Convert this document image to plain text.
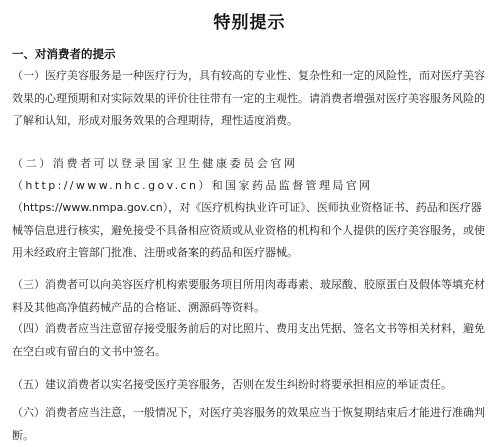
特别提示
一、对消费者的提示

（一）医疗美容服务是一种医疗行为，具有较高的专业性、复杂性和一定的风险性，而对医疗美容效果的心理预期和对实际效果的评价往往带有一定的主观性。请消费者增强对医疗美容服务风险的了解和认知，形成对服务效果的合理期待，理性适度消费。

（二）消费者可以登录国家卫生健康委员会官网

（http://www.nhc.gov.cn）和国家药品监督管理局官网

（https://www.nmpa.gov.cn），对《医疗机构执业许可证》、医师执业资格证书、药品和医疗器械等信息进行核实，避免接受不具备相应资质或从业资格的机构和个人提供的医疗美容服务，或使用未经政府主管部门批准、注册或备案的药品和医疗器械。

（三）消费者可以向美容医疗机构索要服务项目所用肉毒毒素、玻尿酸、胶原蛋白及假体等填充材料及其他高净值药械产品的合格证、溯源码等资料。

（四）消费者应当注意留存接受服务前后的对比照片、费用支出凭据、签名文书等相关材料，避免在空白或有留白的文书中签名。

（五）建议消费者以实名接受医疗美容服务，否则在发生纠纷时将要承担相应的举证责任。

（六）消费者应当注意，一般情况下，对医疗美容服务的效果应当于恢复期结束后才能进行准确判断。
